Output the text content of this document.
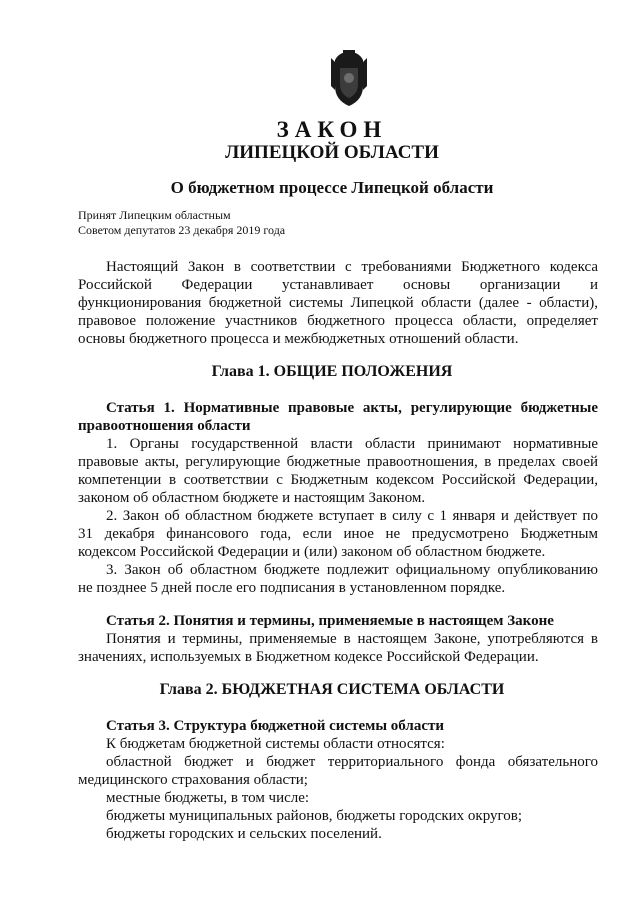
ЗАКОН
ЛИПЕЦКОЙ ОБЛАСТИ
О бюджетном процессе Липецкой области
Принят Липецким областным
Советом депутатов 23 декабря 2019 года
Настоящий Закон в соответствии с требованиями Бюджетного кодекса
Российской Федерации устанавливает основы организации и
функционирования бюджетной системы Липецкой области (далее - области),
правовое положение участников бюджетного процесса области, определяет
основы бюджетного процесса и межбюджетных отношений области.
Глава 1. ОБЩИЕ ПОЛОЖЕНИЯ
Статья 1. Нормативные правовые акты, регулирующие бюджетные
правоотношения области
1. Органы государственной власти области принимают нормативные
правовые акты, регулирующие бюджетные правоотношения, в пределах своей
компетенции в соответствии с Бюджетным кодексом Российской Федерации,
законом об областном бюджете и настоящим Законом.
2. Закон об областном бюджете вступает в силу с 1 января и действует по
31 декабря финансового года, если иное не предусмотрено Бюджетным
кодексом Российской Федерации и (или) законом об областном бюджете.
3. Закон об областном бюджете подлежит официальному опубликованию
не позднее 5 дней после его подписания в установленном порядке.
Статья 2. Понятия и термины, применяемые в настоящем Законе
Понятия и термины, применяемые в настоящем Законе, употребляются в
значениях, используемых в Бюджетном кодексе Российской Федерации.
Глава 2. БЮДЖЕТНАЯ СИСТЕМА ОБЛАСТИ
Статья 3. Структура бюджетной системы области
К бюджетам бюджетной системы области относятся:
областной бюджет и бюджет территориального фонда обязательного
медицинского страхования области;
местные бюджеты, в том числе:
бюджеты муниципальных районов, бюджеты городских округов;
бюджеты городских и сельских поселений.
